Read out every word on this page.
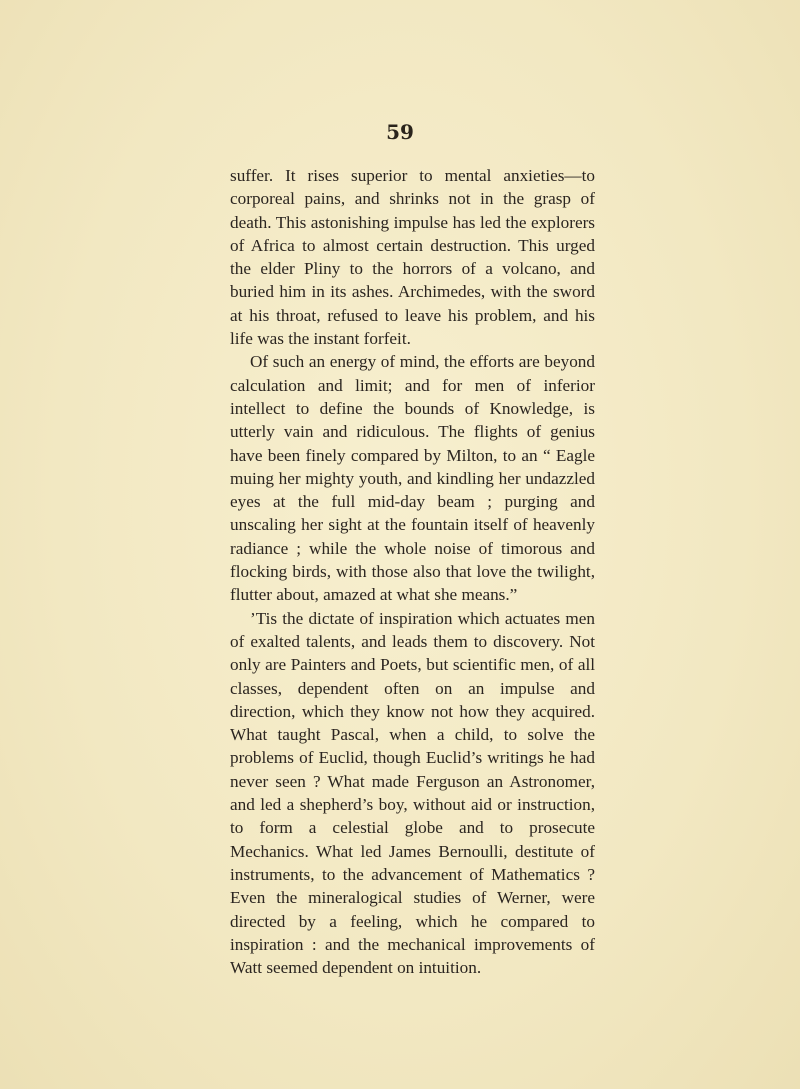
59

suffer. It rises superior to mental anxieties—to corporeal pains, and shrinks not in the grasp of death. This astonishing impulse has led the explorers of Africa to almost certain destruction. This urged the elder Pliny to the horrors of a volcano, and buried him in its ashes. Archimedes, with the sword at his throat, refused to leave his problem, and his life was the instant forfeit.

Of such an energy of mind, the efforts are beyond calculation and limit; and for men of inferior intellect to define the bounds of Knowledge, is utterly vain and ridiculous. The flights of genius have been finely compared by Milton, to an “ Eagle muing her mighty youth, and kindling her undazzled eyes at the full mid-day beam ; purging and unscaling her sight at the fountain itself of heavenly radiance ; while the whole noise of timorous and flocking birds, with those also that love the twilight, flutter about, amazed at what she means.”

’Tis the dictate of inspiration which actuates men of exalted talents, and leads them to discovery. Not only are Painters and Poets, but scientific men, of all classes, dependent often on an impulse and direction, which they know not how they acquired. What taught Pascal, when a child, to solve the problems of Euclid, though Euclid’s writings he had never seen ? What made Ferguson an Astronomer, and led a shepherd’s boy, without aid or instruction, to form a celestial globe and to prosecute Mechanics. What led James Bernoulli, destitute of instruments, to the advancement of Mathematics ? Even the mineralogical studies of Werner, were directed by a feeling, which he compared to inspiration : and the mechanical improvements of Watt seemed dependent on intuition.
